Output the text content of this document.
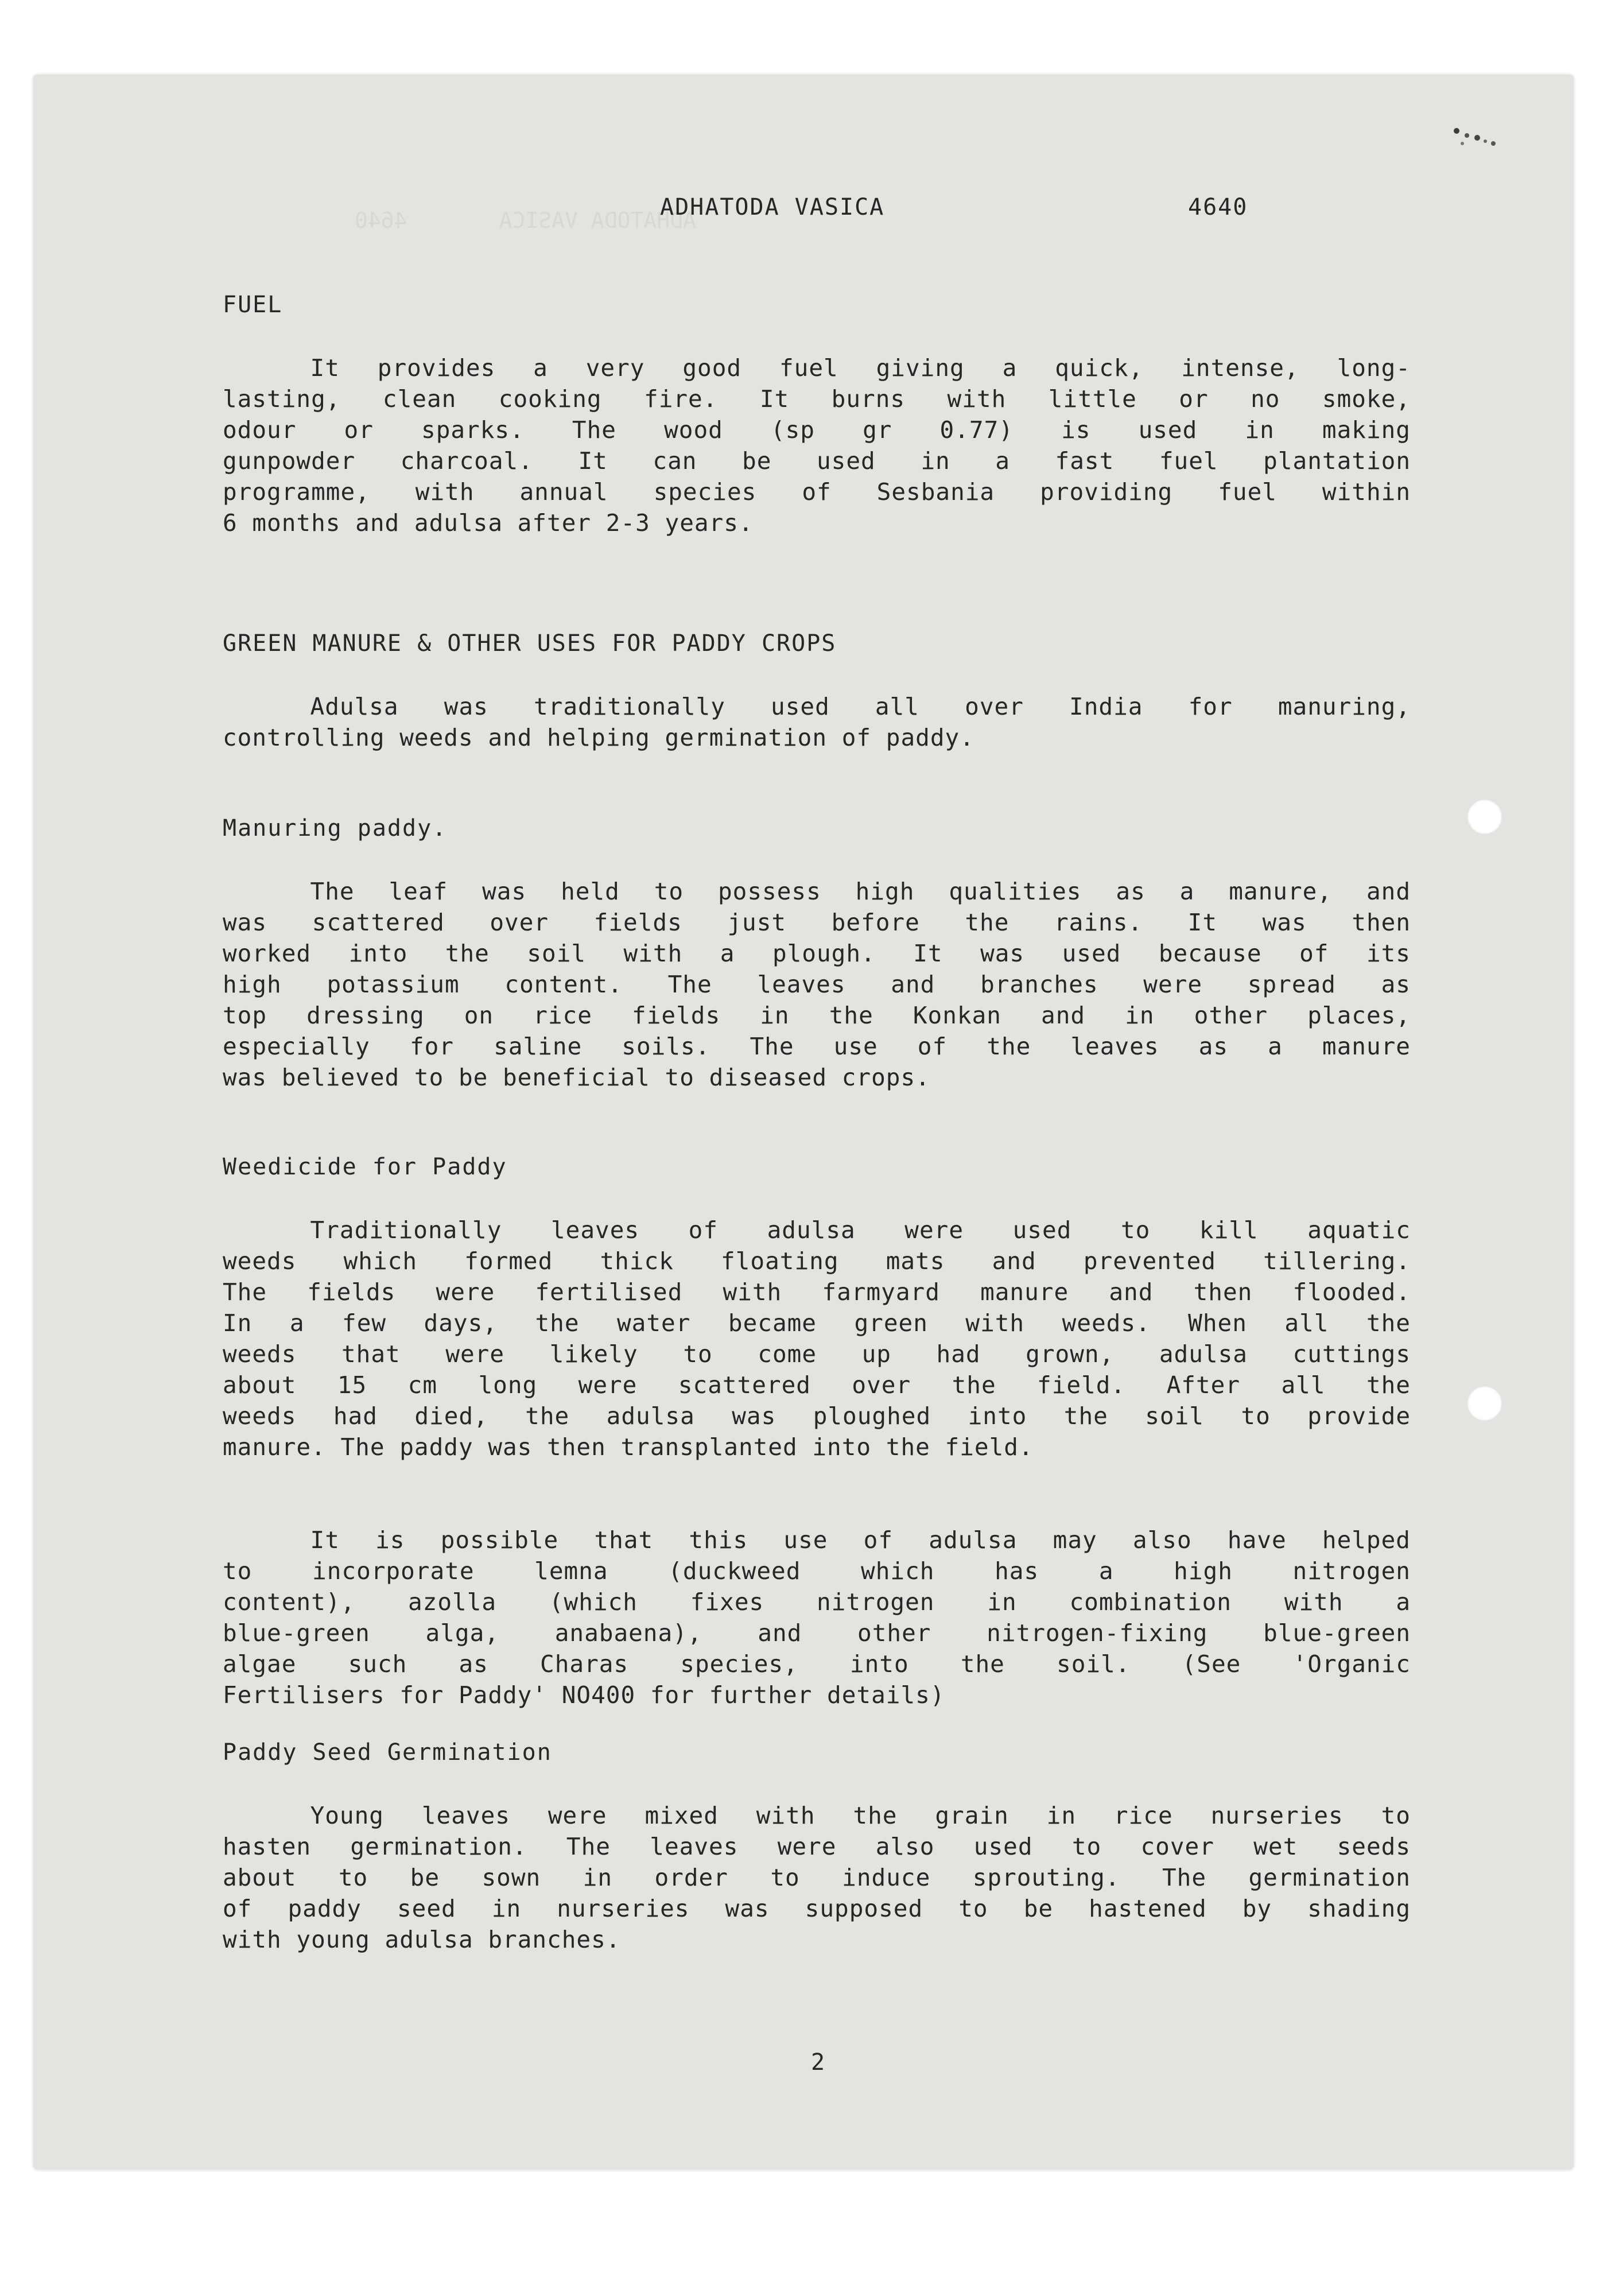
ADHATODA VASICA       4640
ADHATODA VASICA	4640
FUEL
It provides a very good fuel giving a quick, intense, long-
lasting, clean cooking fire. It burns with little or no smoke,
odour or sparks. The wood (sp gr 0.77) is used in making
gunpowder charcoal. It can be used in a fast fuel plantation
programme, with annual species of Sesbania providing fuel within
6 months and adulsa after 2-3 years.
GREEN MANURE & OTHER USES FOR PADDY CROPS
Adulsa was traditionally used all over India for manuring,
controlling weeds and helping germination of paddy.
Manuring paddy.
The leaf was held to possess high qualities as a manure, and
was scattered over fields just before the rains. It was then
worked into the soil with a plough. It was used because of its
high potassium content. The leaves and branches were spread as
top dressing on rice fields in the Konkan and in other places,
especially for saline soils. The use of the leaves as a manure
was believed to be beneficial to diseased crops.
Weedicide for Paddy
Traditionally leaves of adulsa were used to kill aquatic
weeds which formed thick floating mats and prevented tillering.
The fields were fertilised with farmyard manure and then flooded.
In a few days, the water became green with weeds. When all the
weeds that were likely to come up had grown, adulsa cuttings
about 15 cm long were scattered over the field. After all the
weeds had died, the adulsa was ploughed into the soil to provide
manure. The paddy was then transplanted into the field.
It is possible that this use of adulsa may also have helped
to incorporate lemna (duckweed which has a high nitrogen
content), azolla (which fixes nitrogen in combination with a
blue-green alga, anabaena), and other nitrogen-fixing blue-green
algae such as Charas species, into the soil. (See 'Organic
Fertilisers for Paddy' NO400 for further details)
Paddy Seed Germination
Young leaves were mixed with the grain in rice nurseries to
hasten germination. The leaves were also used to cover wet seeds
about to be sown in order to induce sprouting. The germination
of paddy seed in nurseries was supposed to be hastened by shading
with young adulsa branches.
2
